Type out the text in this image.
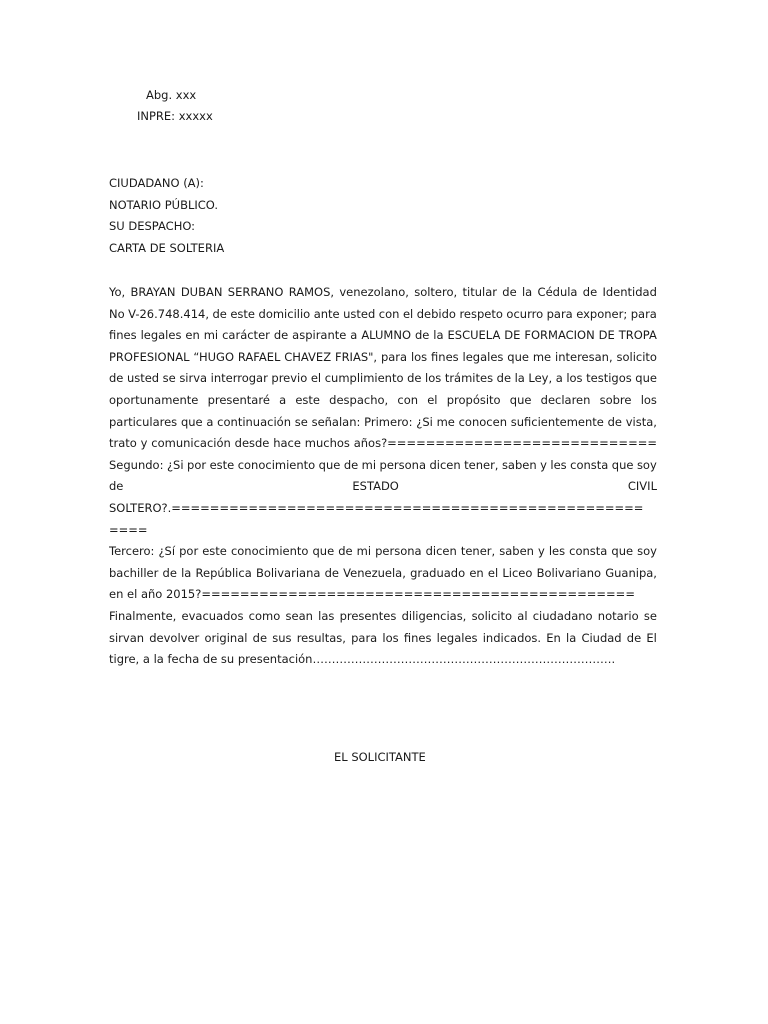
Abg. xxx
INPRE: xxxxx
CIUDADANO (A):
NOTARIO PÚBLICO.
SU DESPACHO:
CARTA DE SOLTERIA
Yo, BRAYAN DUBAN SERRANO RAMOS, venezolano, soltero, titular de la Cédula de Identidad
No V-26.748.414, de este domicilio ante usted con el debido respeto ocurro para exponer; para
fines legales en mi carácter de aspirante a ALUMNO de la ESCUELA DE FORMACION DE TROPA
PROFESIONAL “HUGO RAFAEL CHAVEZ FRIAS", para los fines legales que me interesan, solicito
de usted se sirva interrogar previo el cumplimiento de los trámites de la Ley, a los testigos que
oportunamente presentaré a este despacho, con el propósito que declaren sobre los
particulares que a continuación se señalan: Primero: ¿Si me conocen suficientemente de vista,
trato y comunicación desde hace muchos años?============================
Segundo: ¿Si por este conocimiento que de mi persona dicen tener, saben y les consta que soy
de	ESTADO	CIVIL
SOLTERO?.=================================================
====
Tercero: ¿Sí por este conocimiento que de mi persona dicen tener, saben y les consta que soy
bachiller de la República Bolivariana de Venezuela, graduado en el Liceo Bolivariano Guanipa,
en el año 2015?=============================================
Finalmente, evacuados como sean las presentes diligencias, solicito al ciudadano notario se
sirvan devolver original de sus resultas, para los fines legales indicados. En la Ciudad de El
tigre, a la fecha de su presentación…………………………………………………………………….
EL SOLICITANTE
